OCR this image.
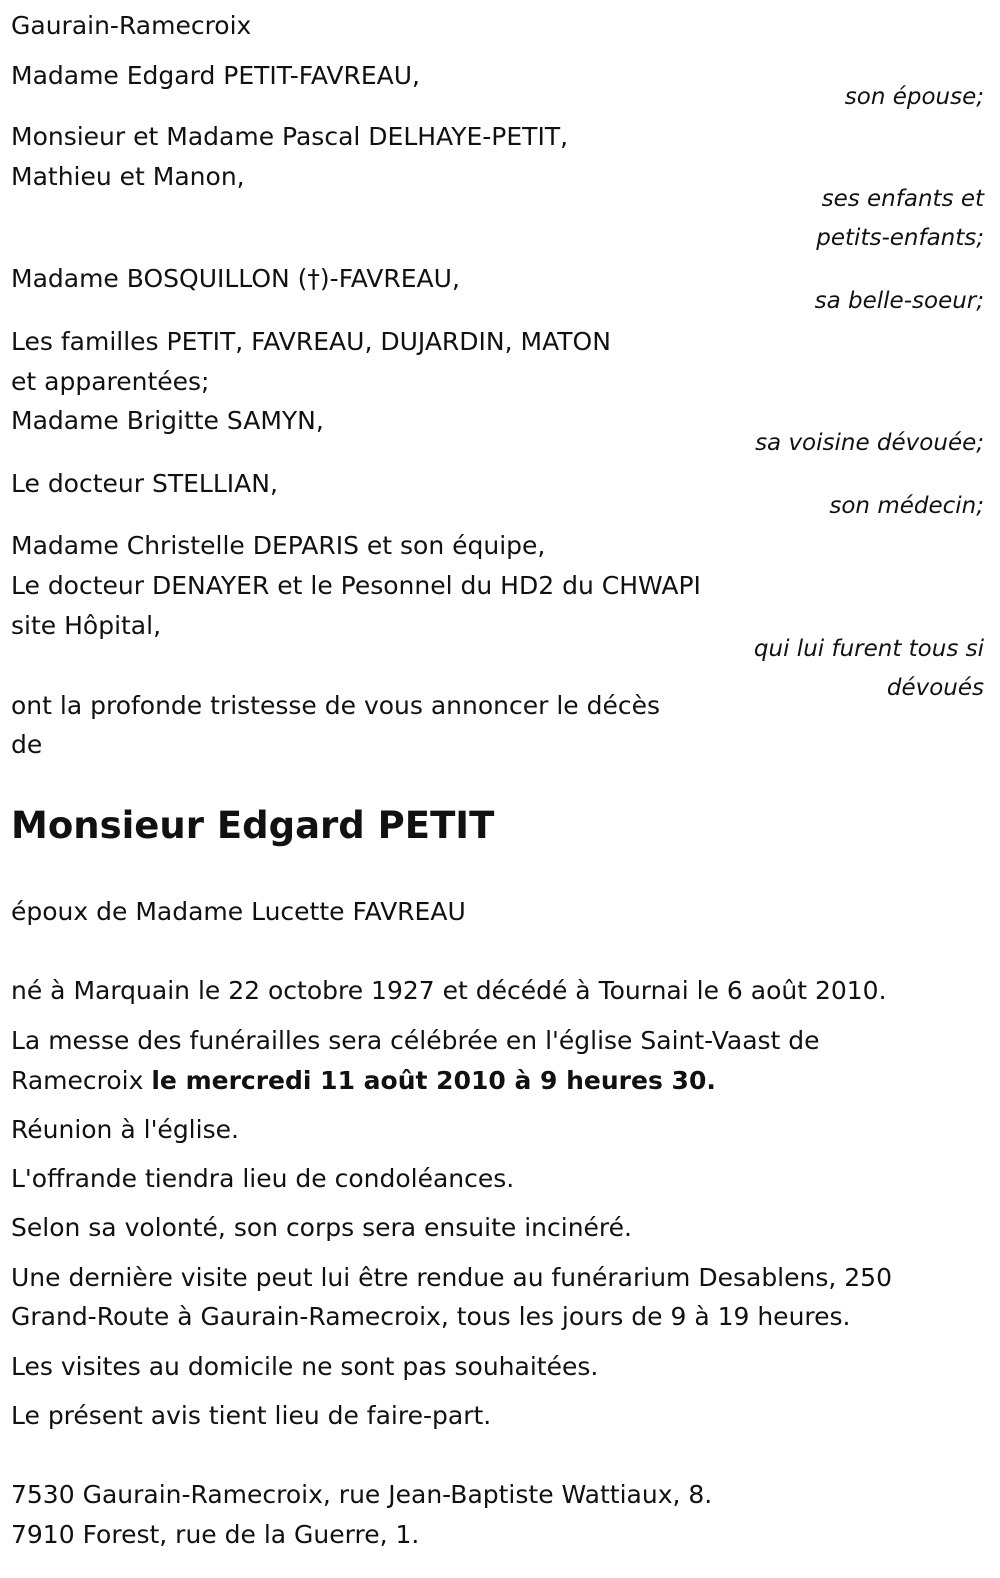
Gaurain-Ramecroix
Madame Edgard PETIT-FAVREAU,
son épouse;
Monsieur et Madame Pascal DELHAYE-PETIT,
Mathieu et Manon,
ses enfants et
petits-enfants;
Madame BOSQUILLON (†)-FAVREAU,
sa belle-soeur;
Les familles PETIT, FAVREAU, DUJARDIN, MATON
et apparentées;
Madame Brigitte SAMYN,
sa voisine dévouée;
Le docteur STELLIAN,
son médecin;
Madame Christelle DEPARIS et son équipe,
Le docteur DENAYER et le Pesonnel du HD2 du CHWAPI
site Hôpital,
qui lui furent tous si
dévoués
ont la profonde tristesse de vous annoncer le décès
de
Monsieur Edgard PETIT
époux de Madame Lucette FAVREAU
né à Marquain le 22 octobre 1927 et décédé à Tournai le 6 août 2010.
La messe des funérailles sera célébrée en l'église Saint-Vaast de
Ramecroix le mercredi 11 août 2010 à 9 heures 30.
Réunion à l'église.
L'offrande tiendra lieu de condoléances.
Selon sa volonté, son corps sera ensuite incinéré.
Une dernière visite peut lui être rendue au funérarium Desablens, 250
Grand-Route à Gaurain-Ramecroix, tous les jours de 9 à 19 heures.
Les visites au domicile ne sont pas souhaitées.
Le présent avis tient lieu de faire-part.
7530 Gaurain-Ramecroix, rue Jean-Baptiste Wattiaux, 8.
7910 Forest, rue de la Guerre, 1.
